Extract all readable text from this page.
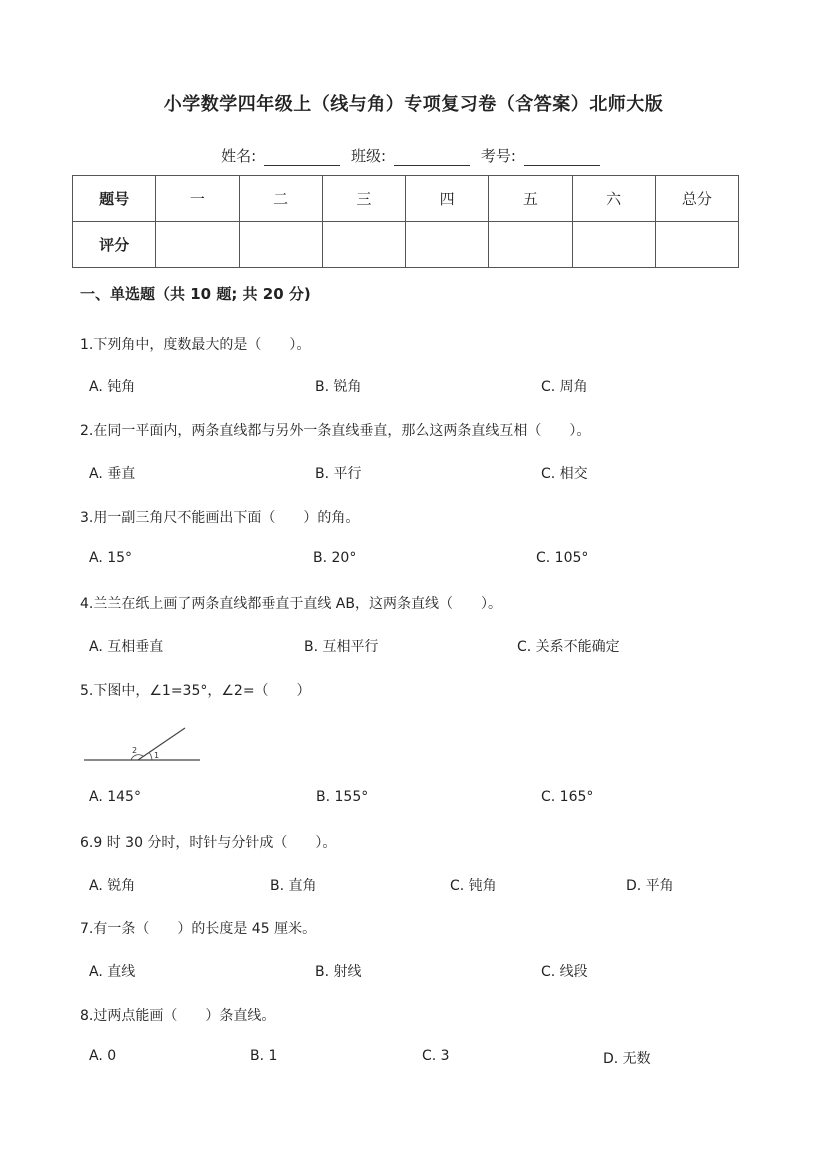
小学数学四年级上（线与角）专项复习卷（含答案）北师大版
姓名:	班级:	考号:
题号	一	二	三	四	五	六	总分
评分							
一、单选题（共 10 题; 共 20 分)
1.下列角中，度数最大的是（　　）。
A. 钝角	B. 锐角	C. 周角
2.在同一平面内，两条直线都与另外一条直线垂直，那么这两条直线互相（　　）。
A. 垂直	B. 平行	C. 相交
3.用一副三角尺不能画出下面（　　）的角。
A. 15°	B. 20°	C. 105°
4.兰兰在纸上画了两条直线都垂直于直线 AB，这两条直线（　　）。
A. 互相垂直	B. 互相平行	C. 关系不能确定
5.下图中，∠1=35°，∠2=（　　）
2
1
A. 145°	B. 155°	C. 165°
6.9 时 30 分时，时针与分针成（　　）。
A. 锐角	B. 直角	C. 钝角	D. 平角
7.有一条（　　）的长度是 45 厘米。
A. 直线	B. 射线	C. 线段
8.过两点能画（　　）条直线。
A. 0	B. 1	C. 3	D. 无数
